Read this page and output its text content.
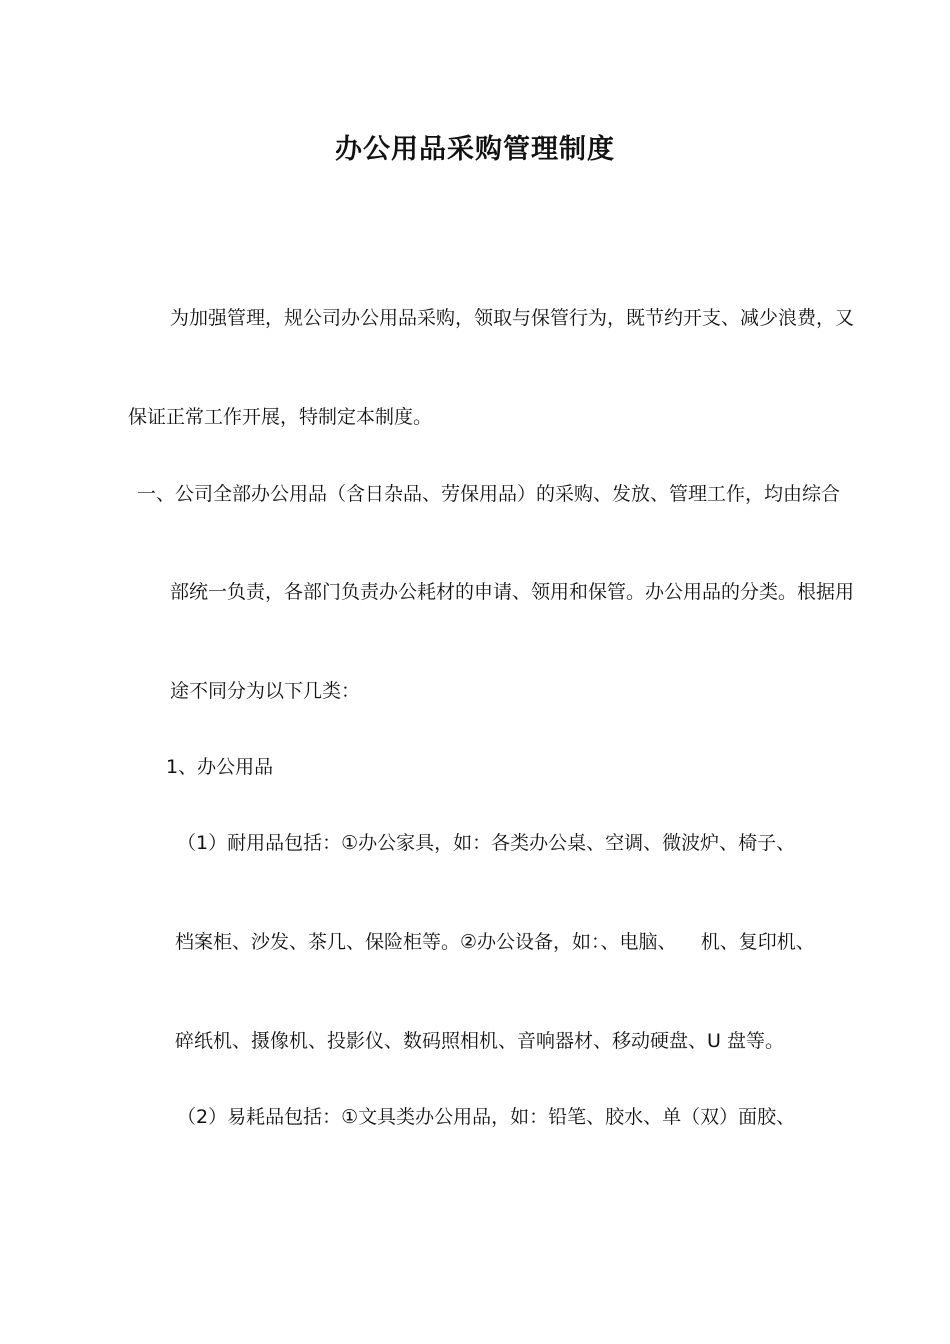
办公用品采购管理制度
为加强管理，规公司办公用品采购，领取与保管行为，既节约开支、减少浪费，又
保证正常工作开展，特制定本制度。
一、公司全部办公用品（含日杂品、劳保用品）的采购、发放、管理工作，均由综合
部统一负责，各部门负责办公耗材的申请、领用和保管。办公用品的分类。根据用
途不同分为以下几类：
1、办公用品
（1）耐用品包括：①办公家具，如：各类办公桌、空调、微波炉、椅子、
档案柜、沙发、茶几、保险柜等。②办公设备，如：、电脑、    机、复印机、
碎纸机、摄像机、投影仪、数码照相机、音响器材、移动硬盘、U 盘等。
（2）易耗品包括：①文具类办公用品，如：铅笔、胶水、单（双）面胶、
